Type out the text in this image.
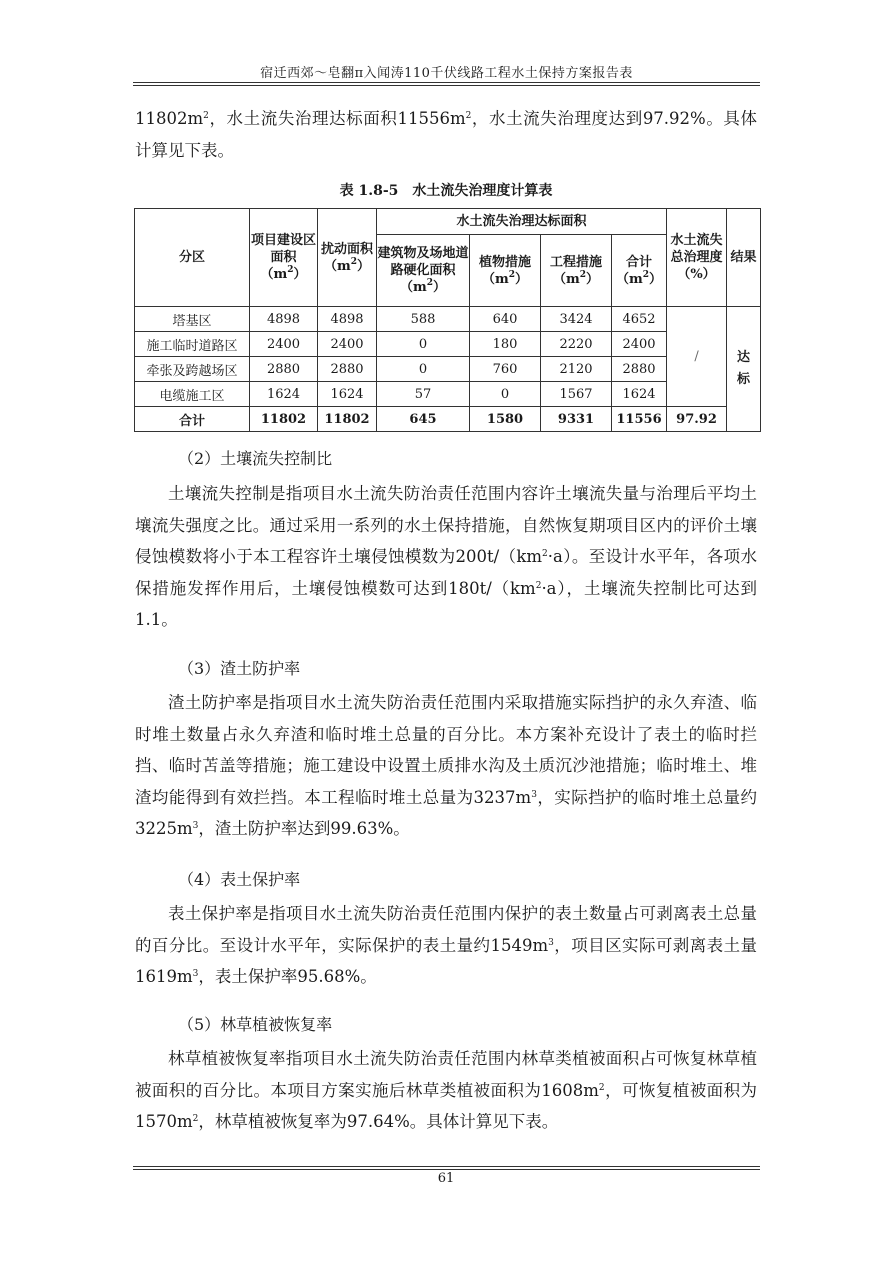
宿迁西郊～皂翻π入闻涛110千伏线路工程水土保持方案报告表
$11802m^2$，水土流失治理达标面积$11556m^2$，水土流失治理度达到97.92%。具体计算见下表。
表 1.8-5　水土流失治理度计算表
分区	项目建设区面积$(m^2)$	扰动面积$(m^2)$	水土流失治理达标面积				水土流失总治理度（%）	结果
			建筑物及场地道路硬化面积$(m^2)$	植物措施$(m^2)$	工程措施$(m^2)$	合计$(m^2)$		
塔基区	4898	4898	588	640	3424	4652	/	达标
施工临时道路区	2400	2400	0	180	2220	2400		
牵张及跨越场区	2880	2880	0	760	2120	2880		
电缆施工区	1624	1624	57	0	1567	1624		
合计	11802	11802	645	1580	9331	11556	97.92	
（2）土壤流失控制比
土壤流失控制是指项目水土流失防治责任范围内容许土壤流失量与治理后平均土壤流失强度之比。通过采用一系列的水土保持措施，自然恢复期项目区内的评价土壤侵蚀模数将小于本工程容许土壤侵蚀模数为$200t/(km^2\cdot a)$。至设计水平年，各项水保措施发挥作用后，土壤侵蚀模数可达到$180t/(km^2\cdot a)$，土壤流失控制比可达到1.1。
（3）渣土防护率
渣土防护率是指项目水土流失防治责任范围内采取措施实际挡护的永久弃渣、临时堆土数量占永久弃渣和临时堆土总量的百分比。本方案补充设计了表土的临时拦挡、临时苫盖等措施；施工建设中设置土质排水沟及土质沉沙池措施；临时堆土、堆渣均能得到有效拦挡。本工程临时堆土总量为$3237m^3$，实际挡护的临时堆土总量约$3225m^3$，渣土防护率达到99.63%。
（4）表土保护率
表土保护率是指项目水土流失防治责任范围内保护的表土数量占可剥离表土总量的百分比。至设计水平年，实际保护的表土量约$1549m^3$，项目区实际可剥离表土量$1619m^3$，表土保护率95.68%。
（5）林草植被恢复率
林草植被恢复率指项目水土流失防治责任范围内林草类植被面积占可恢复林草植被面积的百分比。本项目方案实施后林草类植被面积为$1608m^2$，可恢复植被面积为$1570m^2$，林草植被恢复率为97.64%。具体计算见下表。
61
